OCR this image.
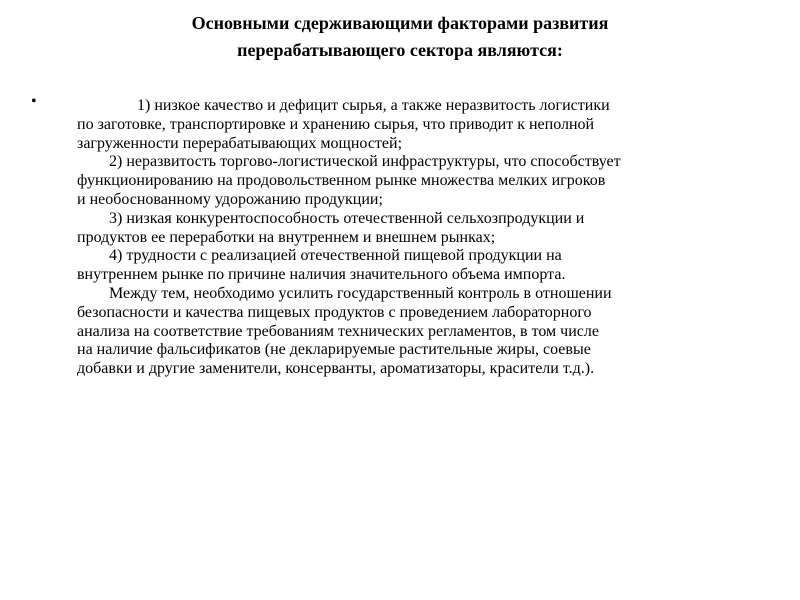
Основными сдерживающими факторами развития
перерабатывающего сектора являются:
•	1) низкое качество и дефицит сырья, а также неразвитость логистики
по заготовке, транспортировке и хранению сырья, что приводит к неполной
загруженности перерабатывающих мощностей;
2) неразвитость торгово-логистической инфраструктуры, что способствует
функционированию на продовольственном рынке множества мелких игроков
и необоснованному удорожанию продукции;
3) низкая конкурентоспособность отечественной сельхозпродукции и
продуктов ее переработки на внутреннем и внешнем рынках;
4) трудности с реализацией отечественной пищевой продукции на
внутреннем рынке по причине наличия значительного объема импорта.
Между тем, необходимо усилить государственный контроль в отношении
безопасности и качества пищевых продуктов с проведением лабораторного
анализа на соответствие требованиям технических регламентов, в том числе
на наличие фальсификатов (не декларируемые растительные жиры, соевые
добавки и другие заменители, консерванты, ароматизаторы, красители т.д.).
